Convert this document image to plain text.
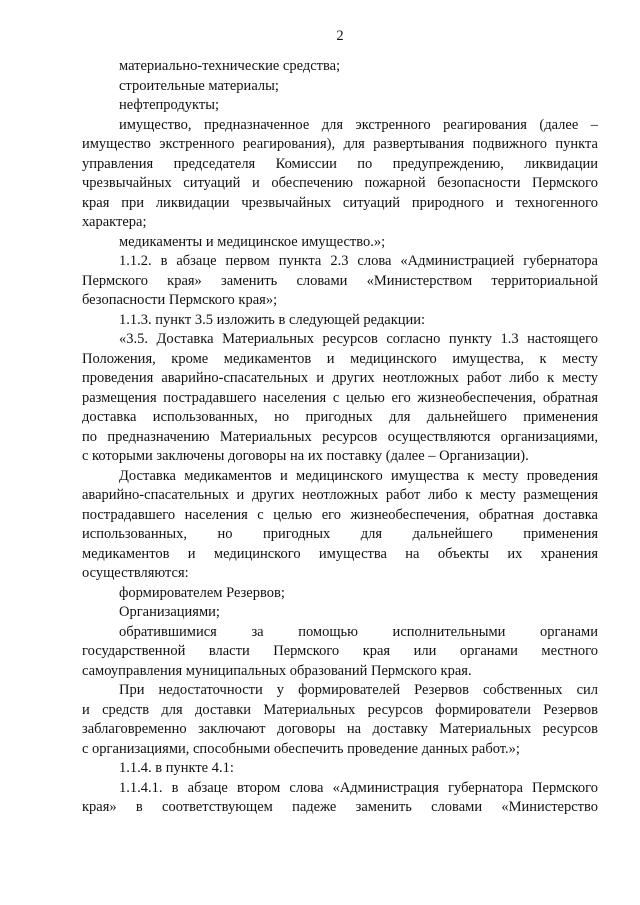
2
материально-технические средства;
строительные материалы;
нефтепродукты;
имущество, предназначенное для экстренного реагирования (далее –
имущество экстренного реагирования), для развертывания подвижного пункта
управления председателя Комиссии по предупреждению, ликвидации
чрезвычайных ситуаций и обеспечению пожарной безопасности Пермского
края при ликвидации чрезвычайных ситуаций природного и техногенного
характера;
медикаменты и медицинское имущество.»;
1.1.2. в абзаце первом пункта 2.3 слова «Администрацией губернатора
Пермского края» заменить словами «Министерством территориальной
безопасности Пермского края»;
1.1.3. пункт 3.5 изложить в следующей редакции:
«3.5. Доставка Материальных ресурсов согласно пункту 1.3 настоящего
Положения, кроме медикаментов и медицинского имущества, к месту
проведения аварийно-спасательных и других неотложных работ либо к месту
размещения пострадавшего населения с целью его жизнеобеспечения, обратная
доставка использованных, но пригодных для дальнейшего применения
по предназначению Материальных ресурсов осуществляются организациями,
с которыми заключены договоры на их поставку (далее – Организации).
Доставка медикаментов и медицинского имущества к месту проведения
аварийно-спасательных и других неотложных работ либо к месту размещения
пострадавшего населения с целью его жизнеобеспечения, обратная доставка
использованных, но пригодных для дальнейшего применения
медикаментов и медицинского имущества на объекты их хранения
осуществляются:
формирователем Резервов;
Организациями;
обратившимися за помощью исполнительными органами
государственной власти Пермского края или органами местного
самоуправления муниципальных образований Пермского края.
При недостаточности у формирователей Резервов собственных сил
и средств для доставки Материальных ресурсов формирователи Резервов
заблаговременно заключают договоры на доставку Материальных ресурсов
с организациями, способными обеспечить проведение данных работ.»;
1.1.4. в пункте 4.1:
1.1.4.1. в абзаце втором слова «Администрация губернатора Пермского
края» в соответствующем падеже заменить словами «Министерство
